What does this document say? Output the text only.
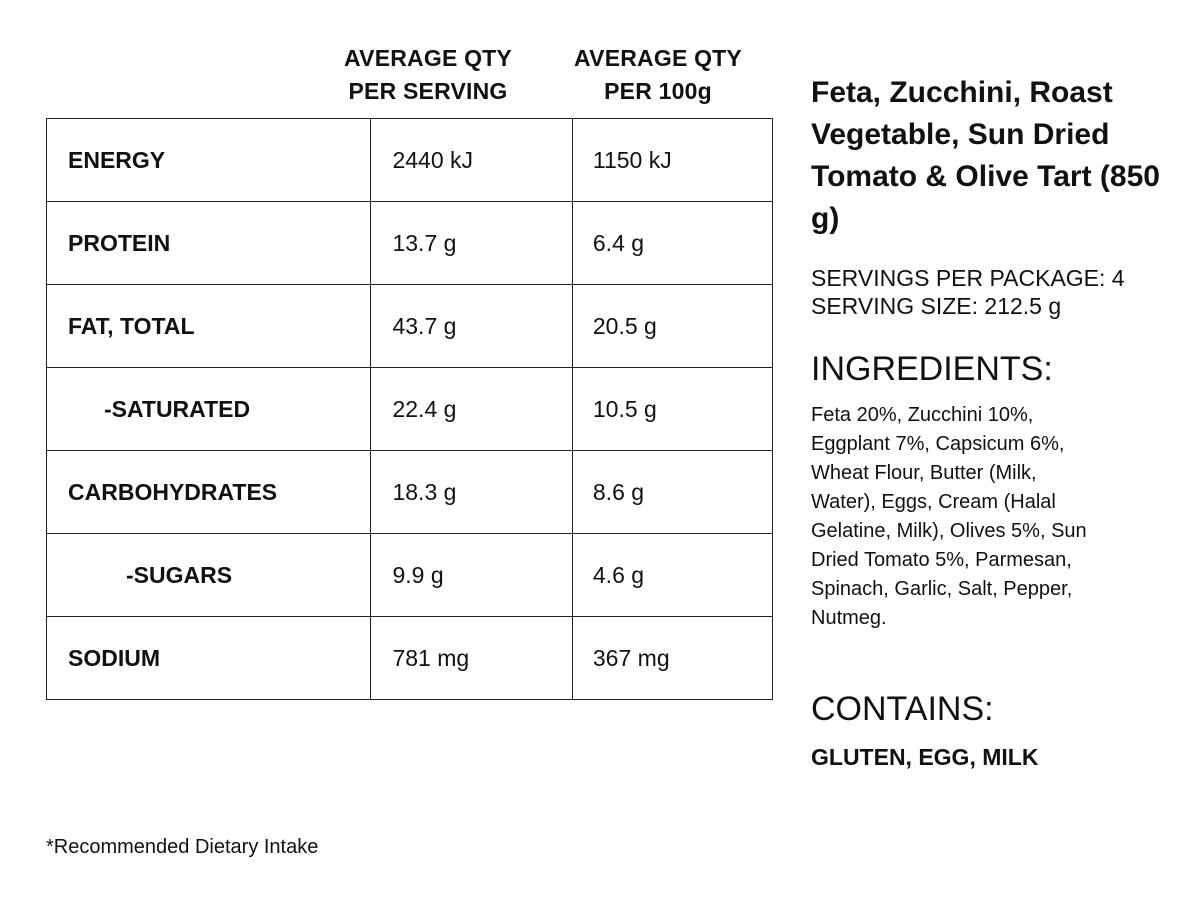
AVERAGE QTY
PER SERVING
AVERAGE QTY
PER 100g
ENERGY	2440 kJ	1150 kJ
PROTEIN	13.7 g	6.4 g
FAT, TOTAL	43.7 g	20.5 g
-SATURATED	22.4 g	10.5 g
CARBOHYDRATES	18.3 g	8.6 g
-SUGARS	9.9 g	4.6 g
SODIUM	781 mg	367 mg
Feta, Zucchini, Roast Vegetable, Sun Dried Tomato & Olive Tart (850 g)
SERVINGS PER PACKAGE: 4
SERVING SIZE: 212.5 g
INGREDIENTS:
Feta 20%, Zucchini 10%, Eggplant 7%, Capsicum 6%, Wheat Flour, Butter (Milk, Water), Eggs, Cream (Halal Gelatine, Milk), Olives 5%, Sun Dried Tomato 5%, Parmesan, Spinach, Garlic, Salt, Pepper, Nutmeg.
CONTAINS:
GLUTEN, EGG, MILK
*Recommended Dietary Intake
